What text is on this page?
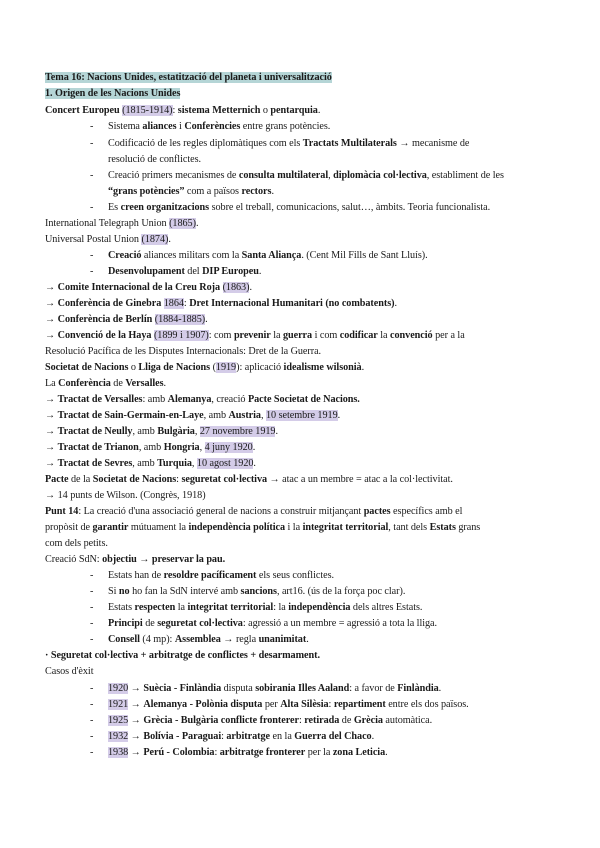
Tema 16: Nacions Unides, estatització del planeta i universalització
1. Origen de les Nacions Unides
Concert Europeu (1815-1914): sistema Metternich o pentarquia.
- Sistema aliances i Conferències entre grans potències.
- Codificació de les regles diplomàtiques com els Tractats Multilaterals → mecanisme de
resolució de conflictes.
- Creació primers mecanismes de consulta multilateral, diplomàcia col·lectiva, establiment de les
“grans potències” com a països rectors.
- Es creen organitzacions sobre el treball, comunicacions, salut…, àmbits. Teoria funcionalista.
International Telegraph Union (1865).
Universal Postal Union (1874).
- Creació aliances militars com la Santa Aliança. (Cent Mil Fills de Sant Lluís).
- Desenvolupament del DIP Europeu.
→ Comite Internacional de la Creu Roja (1863).
→ Conferència de Ginebra 1864: Dret Internacional Humanitari (no combatents).
→ Conferència de Berlín (1884-1885).
→ Convenció de la Haya (1899 i 1907): com prevenir la guerra i com codificar la convenció per a la
Resolució Pacífica de les Disputes Internacionals: Dret de la Guerra.
Societat de Nacions o Lliga de Nacions (1919): aplicació idealisme wilsonià.
La Conferència de Versalles.
→ Tractat de Versalles: amb Alemanya, creació Pacte Societat de Nacions.
→ Tractat de Sain-Germain-en-Laye, amb Austria, 10 setembre 1919.
→ Tractat de Neully, amb Bulgària, 27 novembre 1919.
→ Tractat de Trianon, amb Hongria, 4 juny 1920.
→ Tractat de Sevres, amb Turquia, 10 agost 1920.
Pacte de la Societat de Nacions: seguretat col·lectiva → atac a un membre = atac a la col·lectivitat.
→ 14 punts de Wilson. (Congrès, 1918)
Punt 14: La creació d'una associació general de nacions a construir mitjançant pactes específics amb el
propòsit de garantir mútuament la independència política i la integritat territorial, tant dels Estats grans
com dels petits.
Creació SdN: objectiu → preservar la pau.
- Estats han de resoldre pacíficament els seus conflictes.
- Si no ho fan la SdN intervé amb sancions, art16. (ús de la força poc clar).
- Estats respecten la integritat territorial: la independència dels altres Estats.
- Principi de seguretat col·lectiva: agressió a un membre = agressió a tota la lliga.
- Consell (4 mp): Assemblea → regla unanimitat.
· Seguretat col·lectiva + arbitratge de conflictes + desarmament.
Casos d'èxit
- 1920 → Suècia - Finlàndia disputa sobirania Illes Aaland: a favor de Finlàndia.
- 1921 → Alemanya - Polònia disputa per Alta Silèsia: repartiment entre els dos països.
- 1925 → Grècia - Bulgària conflicte fronterer: retirada de Grècia automàtica.
- 1932 → Bolívia - Paraguai: arbitratge en la Guerra del Chaco.
- 1938 → Perú - Colombia: arbitratge fronterer per la zona Leticia.
